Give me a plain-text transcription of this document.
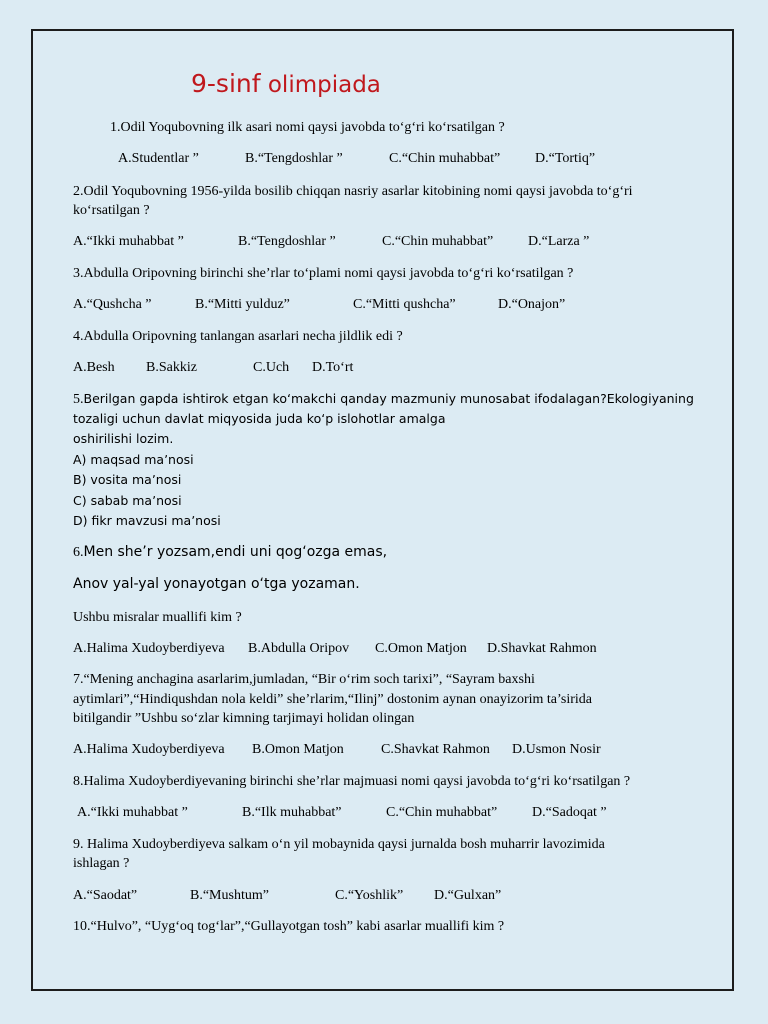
9-sinf olimpiada
1.Odil Yoqubovning ilk asari nomi qaysi javobda to‘g‘ri ko‘rsatilgan ?
A.Studentlar ”	B.“Tengdoshlar ”	C.“Chin muhabbat” D.“Tortiq”
2.Odil Yoqubovning 1956-yilda bosilib chiqqan nasriy asarlar kitobining nomi qaysi javobda to‘g‘ri
ko‘rsatilgan ?
A.“Ikki muhabbat ”	B.“Tengdoshlar ”	C.“Chin muhabbat” D.“Larza ”
3.Abdulla Oripovning birinchi she’rlar to‘plami nomi qaysi javobda to‘g‘ri ko‘rsatilgan ?
A.“Qushcha ”	B.“Mitti yulduz”	C.“Mitti qushcha”	D.“Onajon”
4.Abdulla Oripovning tanlangan asarlari necha jildlik edi ?
A.Besh B.Sakkiz	C.Uch D.To‘rt
5.Berilgan gapda ishtirok etgan koʻmakchi qanday mazmuniy munosabat ifodalagan?Ekologiyaning
tozaligi uchun davlat miqyosida juda koʻp islohotlar amalga
oshirilishi lozim.
A) maqsad maʼnosi
B) vosita maʼnosi
C) sabab maʼnosi
D) fikr mavzusi maʼnosi
6.Men she’r yozsam,endi uni qog‘ozga emas,
Anov yal-yal yonayotgan o‘tga yozaman.
Ushbu misralar muallifi kim ?
A.Halima Xudoyberdiyeva B.Abdulla Oripov C.Omon Matjon D.Shavkat Rahmon
7.“Mening anchagina asarlarim,jumladan, “Bir o‘rim soch tarixi”, “Sayram baxshi
aytimlari”,“Hindiqushdan nola keldi” she’rlarim,“Ilinj” dostonim aynan onayizorim ta’sirida
bitilgandir ”Ushbu so‘zlar kimning tarjimayi holidan olingan
A.Halima Xudoyberdiyeva B.Omon Matjon	C.Shavkat Rahmon D.Usmon Nosir
8.Halima Xudoyberdiyevaning birinchi she’rlar majmuasi nomi qaysi javobda to‘g‘ri ko‘rsatilgan ?
A.“Ikki muhabbat ”	B.“Ilk muhabbat”	C.“Chin muhabbat” D.“Sadoqat ”
9. Halima Xudoyberdiyeva salkam o‘n yil mobaynida qaysi jurnalda bosh muharrir lavozimida
ishlagan ?
A.“Saodat”	B.“Mushtum”	C.“Yoshlik” D.“Gulxan”
10.“Hulvo”, “Uyg‘oq tog‘lar”,“Gullayotgan tosh” kabi asarlar muallifi kim ?
